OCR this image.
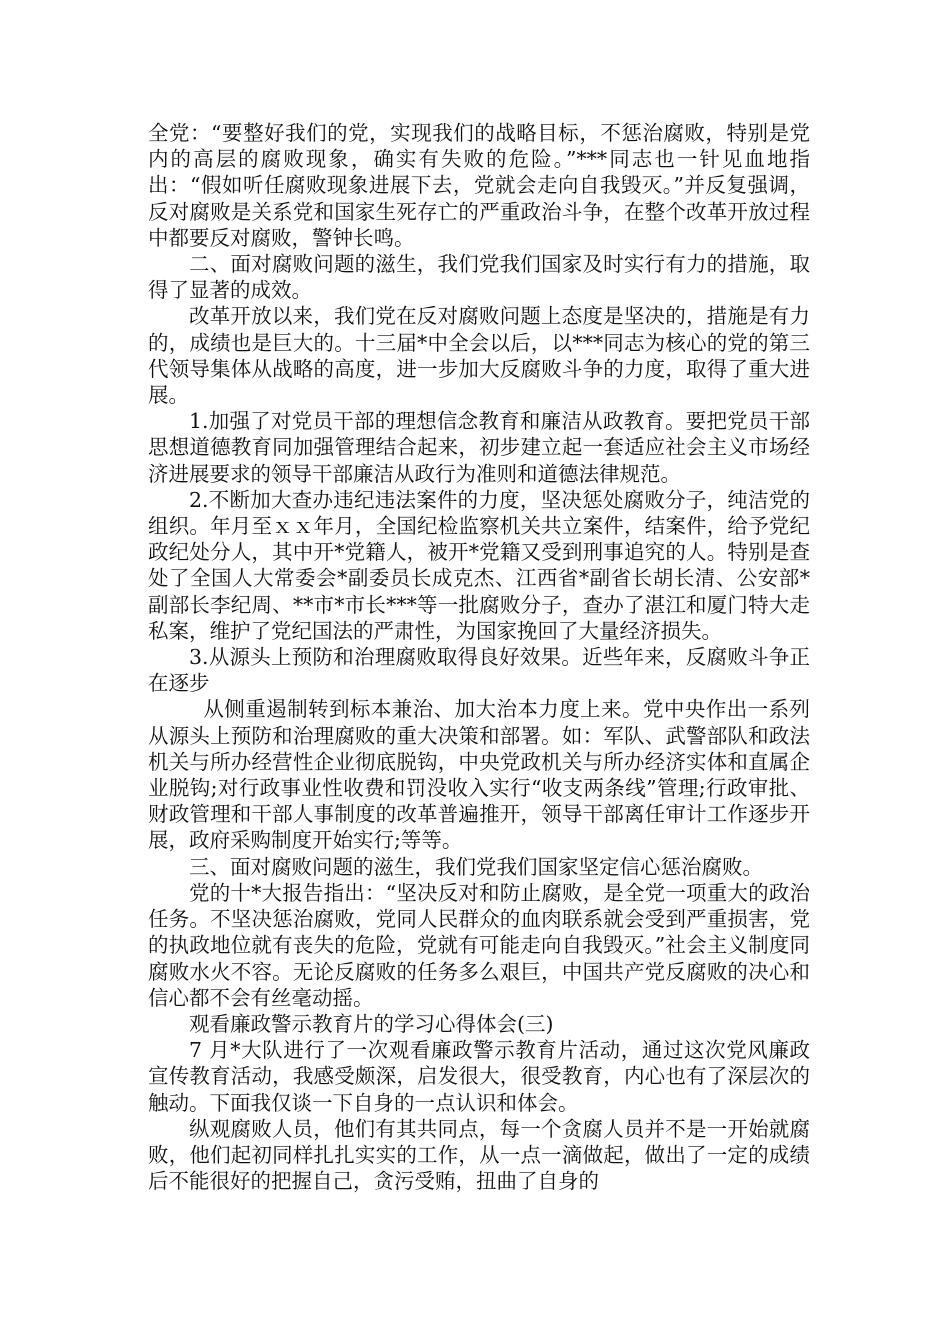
全党：“要整好我们的党，实现我们的战略目标，不惩治腐败，特别是党内的高层的腐败现象，确实有失败的危险。”***同志也一针见血地指出：“假如听任腐败现象进展下去，党就会走向自我毁灭。”并反复强调，反对腐败是关系党和国家生死存亡的严重政治斗争，在整个改革开放过程中都要反对腐败，警钟长鸣。

二、面对腐败问题的滋生，我们党我们国家及时实行有力的措施，取得了显著的成效。

改革开放以来，我们党在反对腐败问题上态度是坚决的，措施是有力的，成绩也是巨大的。十三届*中全会以后，以***同志为核心的党的第三代领导集体从战略的高度，进一步加大反腐败斗争的力度，取得了重大进展。

1.加强了对党员干部的理想信念教育和廉洁从政教育。要把党员干部思想道德教育同加强管理结合起来，初步建立起一套适应社会主义市场经济进展要求的领导干部廉洁从政行为准则和道德法律规范。

2.不断加大查办违纪违法案件的力度，坚决惩处腐败分子，纯洁党的组织。年月至ｘｘ年月，全国纪检监察机关共立案件，结案件，给予党纪政纪处分人，其中开*党籍人，被开*党籍又受到刑事追究的人。特别是查处了全国人大常委会*副委员长成克杰、江西省*副省长胡长清、公安部*副部长李纪周、**市*市长***等一批腐败分子，查办了湛江和厦门特大走私案，维护了党纪国法的严肃性，为国家挽回了大量经济损失。

3.从源头上预防和治理腐败取得良好效果。近些年来，反腐败斗争正在逐步

从侧重遏制转到标本兼治、加大治本力度上来。党中央作出一系列从源头上预防和治理腐败的重大决策和部署。如：军队、武警部队和政法机关与所办经营性企业彻底脱钩，中央党政机关与所办经济实体和直属企业脱钩;对行政事业性收费和罚没收入实行“收支两条线”管理;行政审批、财政管理和干部人事制度的改革普遍推开，领导干部离任审计工作逐步开展，政府采购制度开始实行;等等。

三、面对腐败问题的滋生，我们党我们国家坚定信心惩治腐败。

党的十*大报告指出：“坚决反对和防止腐败，是全党一项重大的政治任务。不坚决惩治腐败，党同人民群众的血肉联系就会受到严重损害，党的执政地位就有丧失的危险，党就有可能走向自我毁灭。”社会主义制度同腐败水火不容。无论反腐败的任务多么艰巨，中国共产党反腐败的决心和信心都不会有丝毫动摇。

观看廉政警示教育片的学习心得体会(三)

7 月*大队进行了一次观看廉政警示教育片活动，通过这次党风廉政宣传教育活动，我感受颇深，启发很大，很受教育，内心也有了深层次的触动。下面我仅谈一下自身的一点认识和体会。

纵观腐败人员，他们有其共同点，每一个贪腐人员并不是一开始就腐败，他们起初同样扎扎实实的工作，从一点一滴做起，做出了一定的成绩后不能很好的把握自己，贪污受贿，扭曲了自身的
